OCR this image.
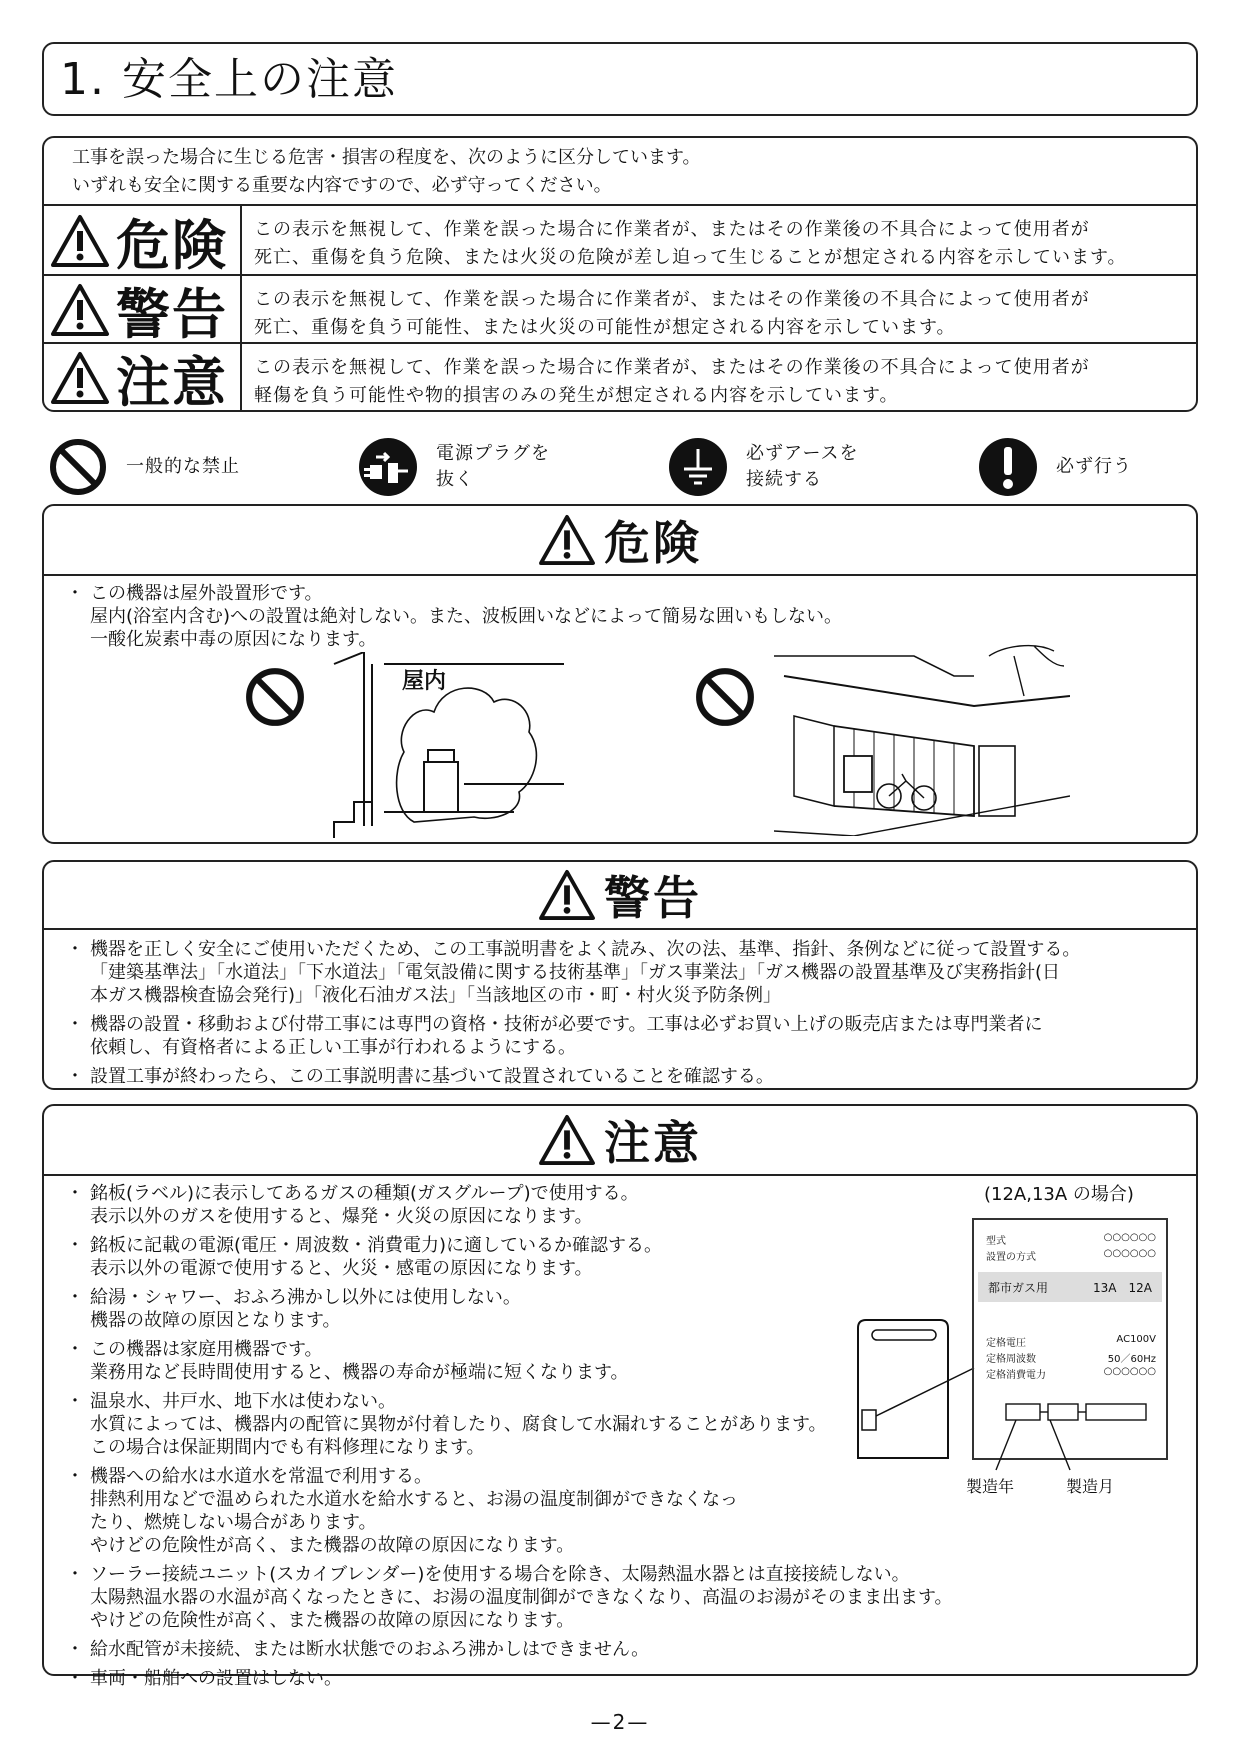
1. 安全上の注意
工事を誤った場合に生じる危害・損害の程度を、次のように区分しています。
いずれも安全に関する重要な内容ですので、必ず守ってください。
危険 この表示を無視して、作業を誤った場合に作業者が、またはその作業後の不具合によって使用者が
死亡、重傷を負う危険、または火災の危険が差し迫って生じることが想定される内容を示しています。
警告 この表示を無視して、作業を誤った場合に作業者が、またはその作業後の不具合によって使用者が
死亡、重傷を負う可能性、または火災の可能性が想定される内容を示しています。
注意 この表示を無視して、作業を誤った場合に作業者が、またはその作業後の不具合によって使用者が
軽傷を負う可能性や物的損害のみの発生が想定される内容を示しています。
一般的な禁止
電源プラグを
抜く
必ずアースを
接続する
必ず行う
危険
・ この機器は屋外設置形です。
屋内(浴室内含む)への設置は絶対しない。また、波板囲いなどによって簡易な囲いもしない。
一酸化炭素中毒の原因になります。
屋内
警告
・ 機器を正しく安全にご使用いただくため、この工事説明書をよく読み、次の法、基準、指針、条例などに従って設置する。
「建築基準法」「水道法」「下水道法」「電気設備に関する技術基準」「ガス事業法」「ガス機器の設置基準及び実務指針(日
本ガス機器検査協会発行)」「液化石油ガス法」「当該地区の市・町・村火災予防条例」
・ 機器の設置・移動および付帯工事には専門の資格・技術が必要です。工事は必ずお買い上げの販売店または専門業者に
依頼し、有資格者による正しい工事が行われるようにする。
・ 設置工事が終わったら、この工事説明書に基づいて設置されていることを確認する。
注意
・ 銘板(ラベル)に表示してあるガスの種類(ガスグループ)で使用する。
表示以外のガスを使用すると、爆発・火災の原因になります。
・ 銘板に記載の電源(電圧・周波数・消費電力)に適しているか確認する。
表示以外の電源で使用すると、火災・感電の原因になります。
・ 給湯・シャワー、おふろ沸かし以外には使用しない。
機器の故障の原因となります。
・ この機器は家庭用機器です。
業務用など長時間使用すると、機器の寿命が極端に短くなります。
・ 温泉水、井戸水、地下水は使わない。
水質によっては、機器内の配管に異物が付着したり、腐食して水漏れすることがあります。
この場合は保証期間内でも有料修理になります。
・ 機器への給水は水道水を常温で利用する。
排熱利用などで温められた水道水を給水すると、お湯の温度制御ができなくなっ
たり、燃焼しない場合があります。
やけどの危険性が高く、また機器の故障の原因になります。
・ ソーラー接続ユニット(スカイブレンダー)を使用する場合を除き、太陽熱温水器とは直接接続しない。
太陽熱温水器の水温が高くなったときに、お湯の温度制御ができなくなり、高温のお湯がそのまま出ます。
やけどの危険性が高く、また機器の故障の原因になります。
・ 給水配管が未接続、または断水状態でのおふろ沸かしはできません。
・ 車両・船舶への設置はしない。
(12A,13A の場合)
型式	○○○○○○
設置の方式	○○○○○○
都市ガス用	13A　12A
定格電圧	AC100V
定格周波数	50／60Hz
定格消費電力	○○○○○○
製造年	製造月
—2—
